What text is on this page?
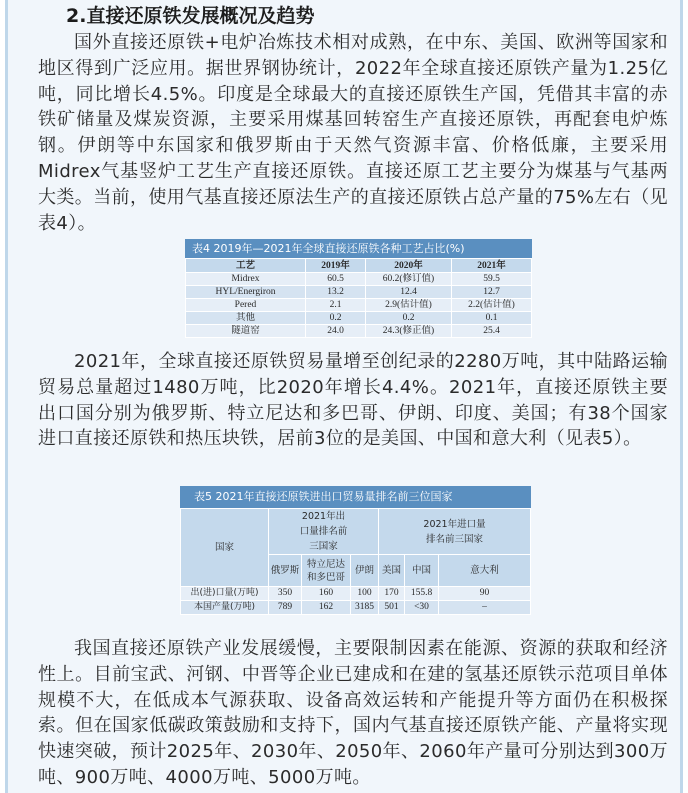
2.直接还原铁发展概况及趋势

国外直接还原铁+电炉冶炼技术相对成熟，在中东、美国、欧洲等国家和地区得到广泛应用。据世界钢协统计，2022年全球直接还原铁产量为1.25亿吨，同比增长4.5%。印度是全球最大的直接还原铁生产国，凭借其丰富的赤铁矿储量及煤炭资源，主要采用煤基回转窑生产直接还原铁，再配套电炉炼钢。伊朗等中东国家和俄罗斯由于天然气资源丰富、价格低廉，主要采用Midrex气基竖炉工艺生产直接还原铁。直接还原工艺主要分为煤基与气基两大类。当前，使用气基直接还原法生产的直接还原铁占总产量的75%左右（见表4）。

表4 2019年—2021年全球直接还原铁各种工艺占比(%)
工艺	2019年	2020年	2021年
Midrex	60.5	60.2(修订值)	59.5
HYL/Energiron	13.2	12.4	12.7
Pered	2.1	2.9(估计值)	2.2(估计值)
其他	0.2	0.2	0.1
隧道窑	24.0	24.3(修正值)	25.4

2021年，全球直接还原铁贸易量增至创纪录的2280万吨，其中陆路运输贸易总量超过1480万吨，比2020年增长4.4%。2021年，直接还原铁主要出口国分别为俄罗斯、特立尼达和多巴哥、伊朗、印度、美国；有38个国家进口直接还原铁和热压块铁，居前3位的是美国、中国和意大利（见表5）。

表5 2021年直接还原铁进出口贸易量排名前三位国家
国家	2021年出口量排名前三国家			2021年进口量排名前三国家		
	俄罗斯	特立尼达和多巴哥	伊朗	美国	中国	意大利
出(进)口量(万吨)	350	160	100	170	155.8	90
本国产量(万吨)	789	162	3185	501	<30	–

我国直接还原铁产业发展缓慢，主要限制因素在能源、资源的获取和经济性上。目前宝武、河钢、中晋等企业已建成和在建的氢基还原铁示范项目单体规模不大，在低成本气源获取、设备高效运转和产能提升等方面仍在积极探索。但在国家低碳政策鼓励和支持下，国内气基直接还原铁产能、产量将实现快速突破，预计2025年、2030年、2050年、2060年产量可分别达到300万吨、900万吨、4000万吨、5000万吨。
